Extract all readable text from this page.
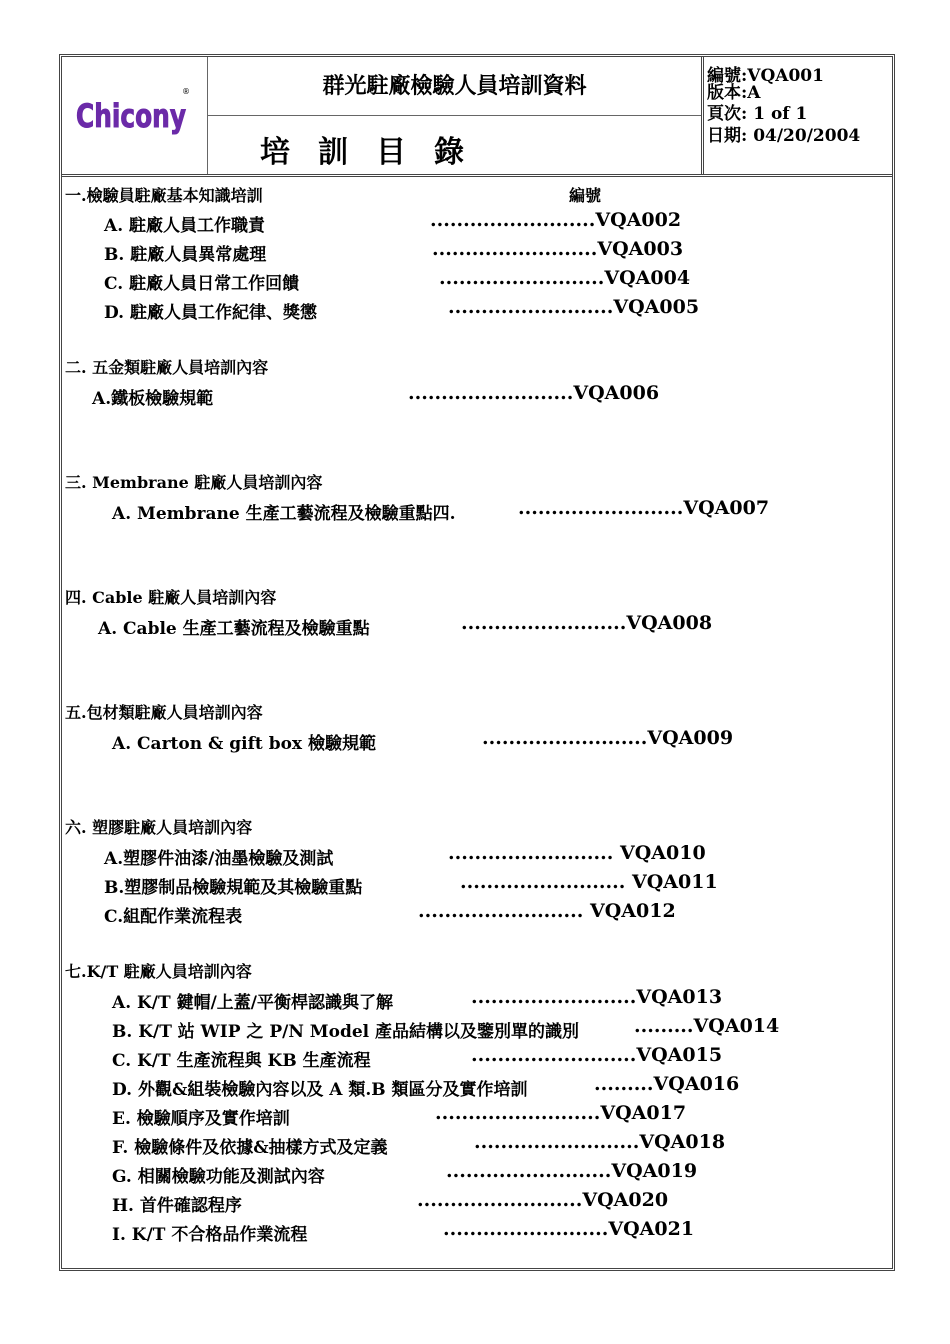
Chicony
®	群光駐廠檢驗人員培訓資料
培訓目錄
編號:VQA001
版本:A
頁次: 1 of 1
日期: 04/20/2004
一.檢驗員駐廠基本知識培訓	編號
A. 駐廠人員工作職責	.........................VQA002
B. 駐廠人員異常處理	.........................VQA003
C. 駐廠人員日常工作回饋	.........................VQA004
D. 駐廠人員工作紀律、獎懲	.........................VQA005
二. 五金類駐廠人員培訓內容
A.鐵板檢驗規範	.........................VQA006
三. Membrane 駐廠人員培訓內容
A. Membrane 生產工藝流程及檢驗重點四.	.........................VQA007
四. Cable 駐廠人員培訓內容
A. Cable 生產工藝流程及檢驗重點	.........................VQA008
五.包材類駐廠人員培訓內容
A. Carton & gift box 檢驗規範	.........................VQA009
六. 塑膠駐廠人員培訓內容
A.塑膠件油漆/油墨檢驗及測試	......................... VQA010
B.塑膠制品檢驗規範及其檢驗重點	......................... VQA011
C.組配作業流程表	......................... VQA012
七.K/T 駐廠人員培訓內容
A. K/T 鍵帽/上蓋/平衡桿認識與了解	.........................VQA013
B. K/T 站 WIP 之 P/N Model 產品結構以及鑒別單的識別	.........VQA014
C. K/T 生產流程與 KB 生產流程	.........................VQA015
D. 外觀&組裝檢驗內容以及 A 類.B 類區分及實作培訓	.........VQA016
E. 檢驗順序及實作培訓	.........................VQA017
F. 檢驗條件及依據&抽樣方式及定義	.........................VQA018
G. 相關檢驗功能及測試內容	.........................VQA019
H. 首件確認程序	.........................VQA020
I. K/T 不合格品作業流程	.........................VQA021
